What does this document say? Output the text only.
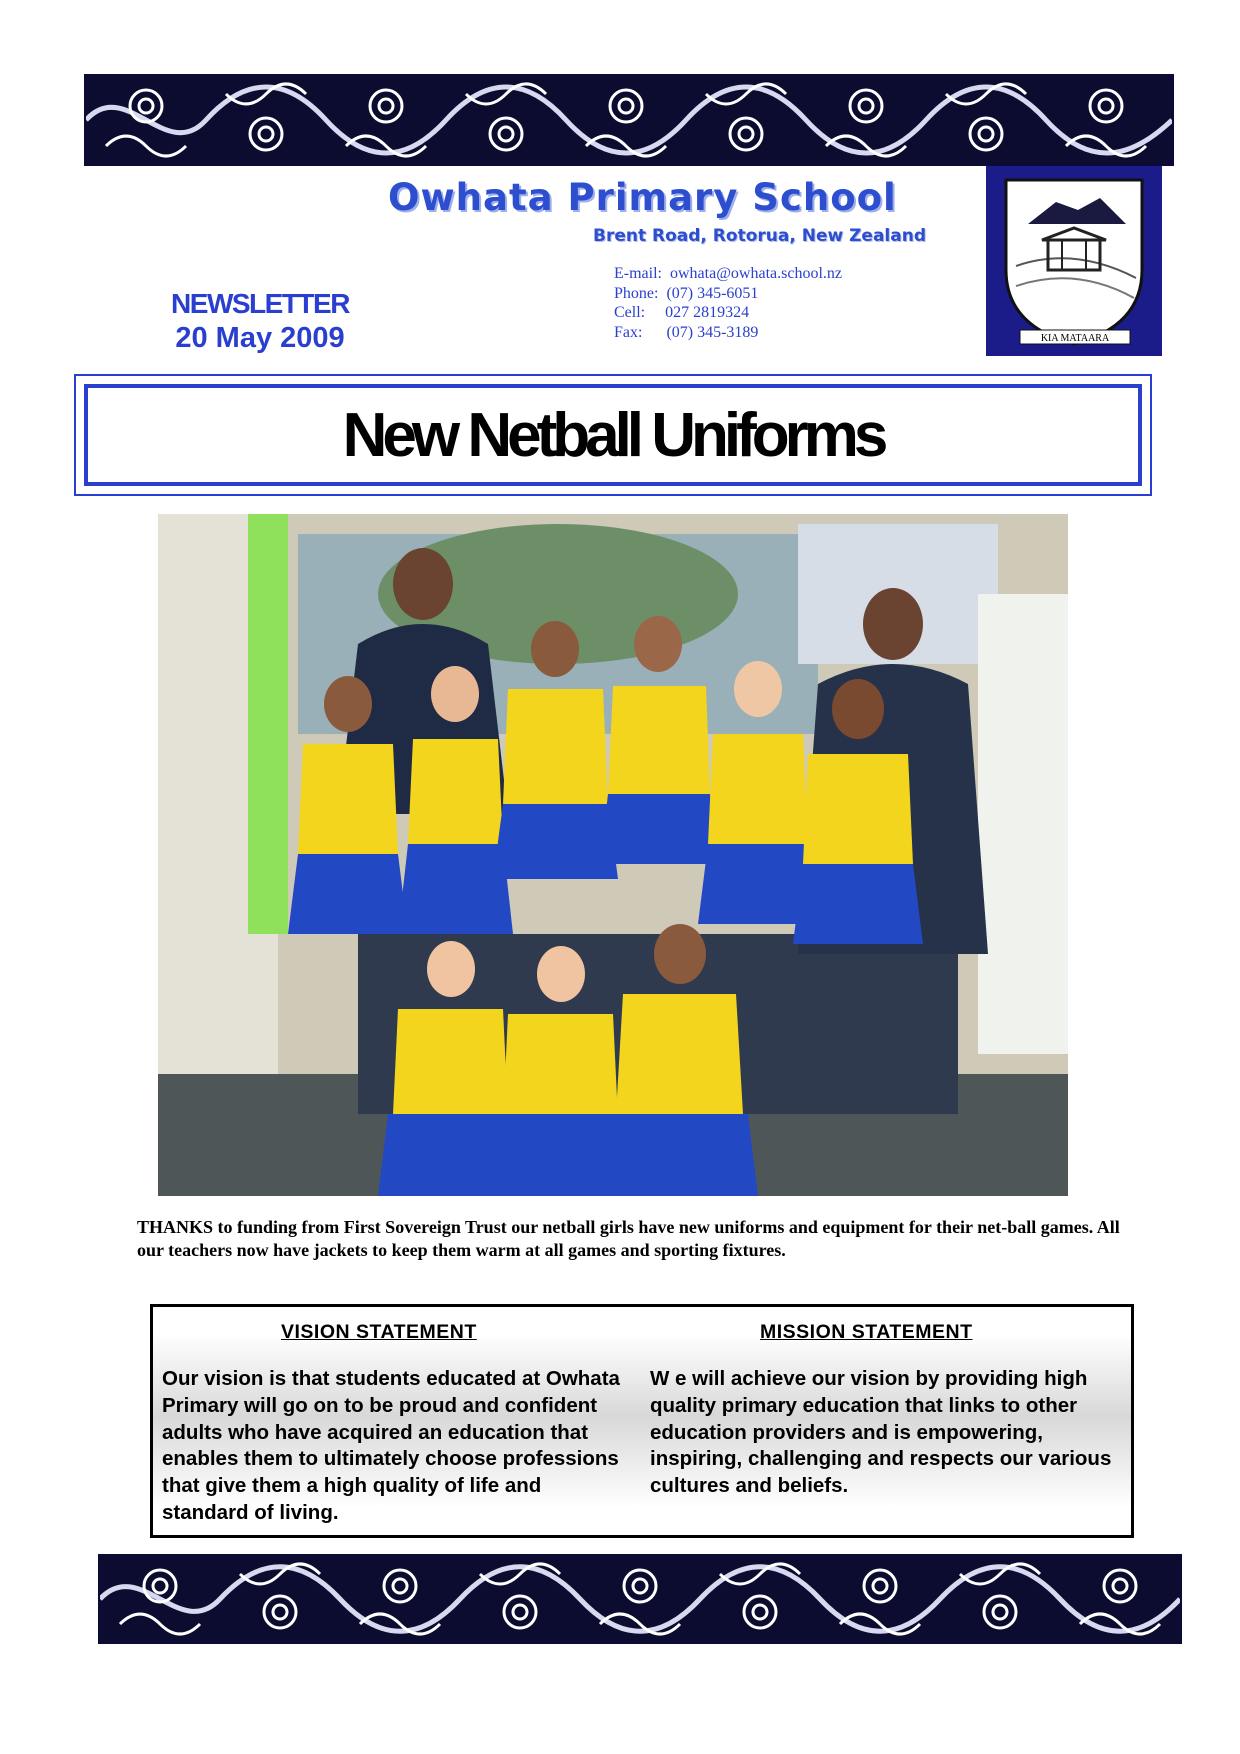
Owhata Primary School
Brent Road, Rotorua, New Zealand
KIA MATAARA
NEWSLETTER
20 May 2009
E-mail:  owhata@owhata.school.nz
Phone:  (07) 345-6051
Cell:     027 2819324
Fax:      (07) 345-3189
New Netball Uniforms
THANKS to funding from First Sovereign Trust our netball girls have new uniforms and equipment for their net-ball games. All our teachers now have jackets to keep them warm at all games and sporting fixtures.
VISION STATEMENT
Our vision is that students educated at Owhata Primary will go on to be proud and confident adults who have acquired an education that enables them to ultimately choose professions that give them a high quality of life and standard of living.
MISSION STATEMENT
W e will achieve our vision by providing high quality primary education that links to other education providers and is empowering, inspiring, challenging and respects our various cultures and beliefs.
